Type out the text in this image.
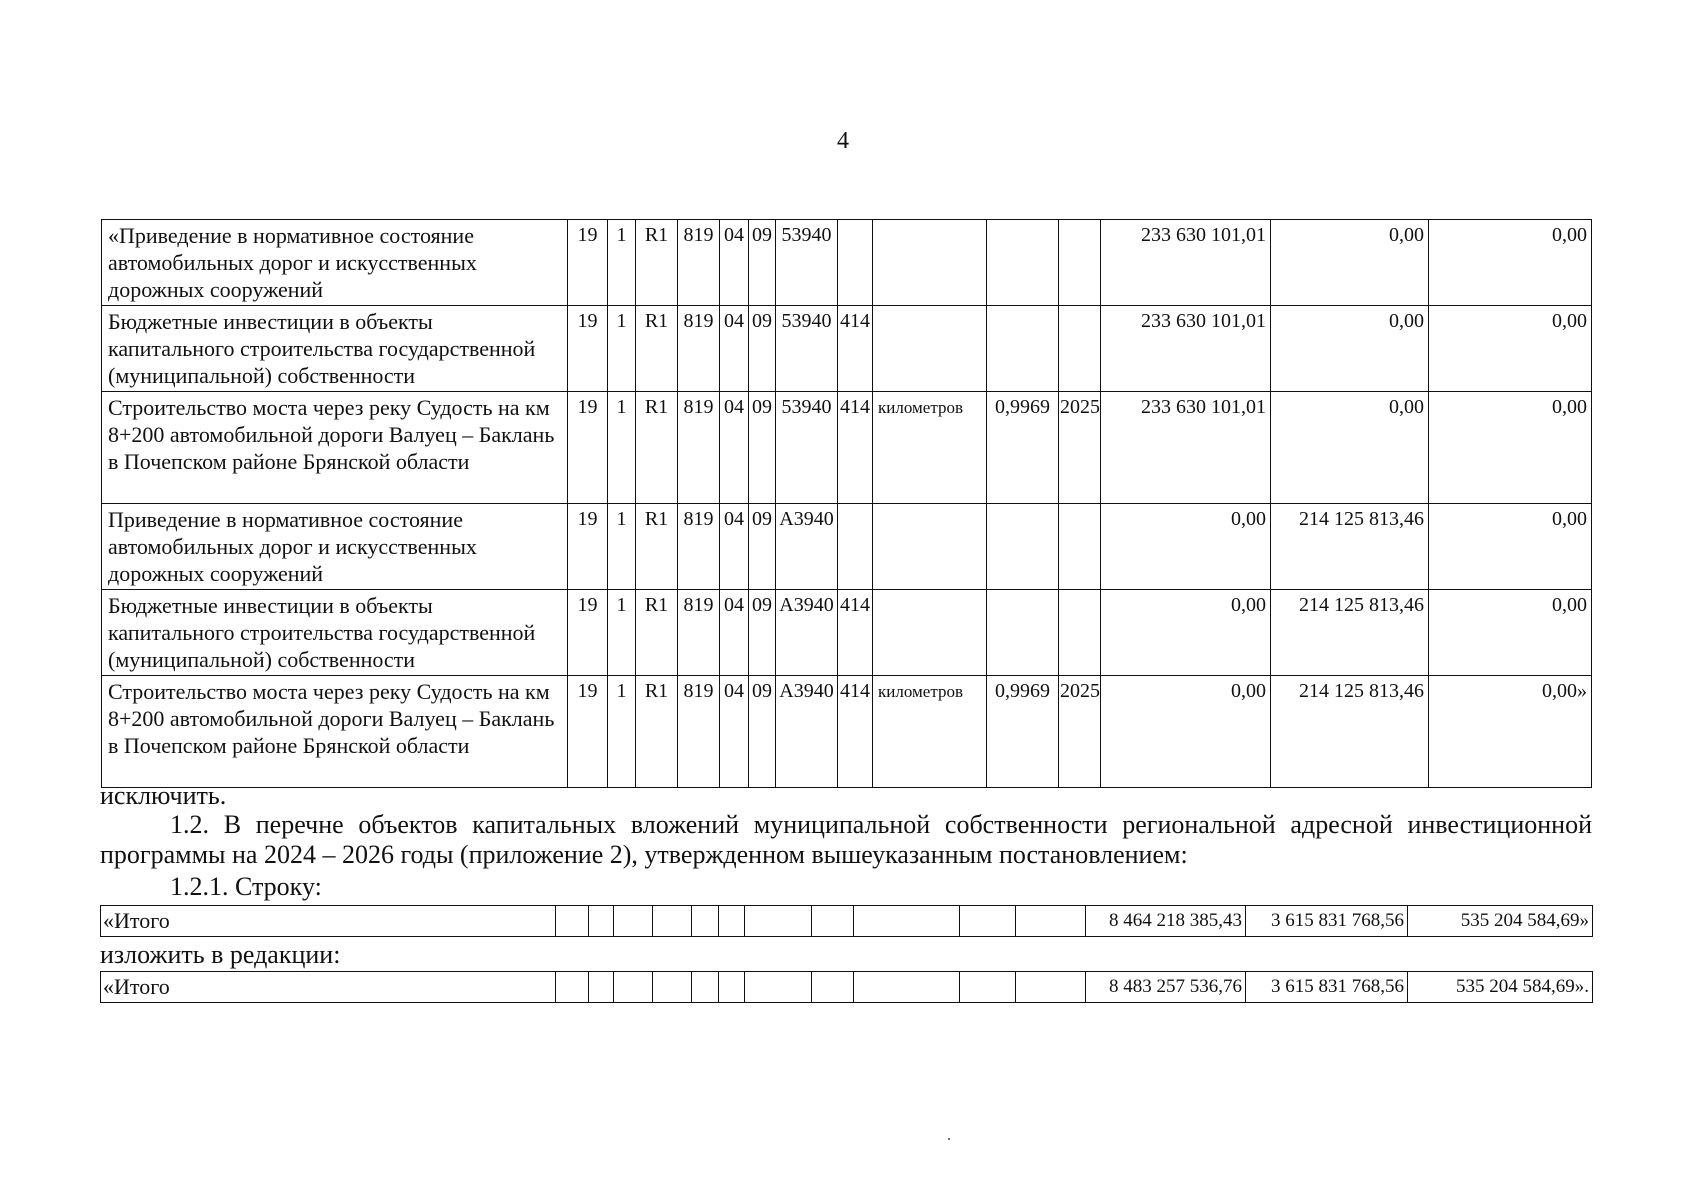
4
«Приведение в нормативное состояние автомобильных дорог и искусственных дорожных сооружений	19	1	R1	819	04	09	53940					233 630 101,01	0,00	0,00
Бюджетные инвестиции в объекты капитального строительства государственной (муниципальной) собственности	19	1	R1	819	04	09	53940	414				233 630 101,01	0,00	0,00
Строительство моста через реку Судость на км 8+200 автомобильной дороги Валуец – Баклань в Почепском районе Брянской области	19	1	R1	819	04	09	53940	414	километров	0,9969	2025	233 630 101,01	0,00	0,00
Приведение в нормативное состояние автомобильных дорог и искусственных дорожных сооружений	19	1	R1	819	04	09	А3940					0,00	214 125 813,46	0,00
Бюджетные инвестиции в объекты капитального строительства государственной (муниципальной) собственности	19	1	R1	819	04	09	А3940	414				0,00	214 125 813,46	0,00
Строительство моста через реку Судость на км 8+200 автомобильной дороги Валуец – Баклань в Почепском районе Брянской области	19	1	R1	819	04	09	А3940	414	километров	0,9969	2025	0,00	214 125 813,46	0,00»
исключить.
1.2. В перечне объектов капитальных вложений муниципальной собственности региональной адресной инвестиционной программы на 2024 – 2026 годы (приложение 2), утвержденном вышеуказанным постановлением:
1.2.1. Строку:
«Итого												8 464 218 385,43	3 615 831 768,56	535 204 584,69»
изложить в редакции:
«Итого												8 483 257 536,76	3 615 831 768,56	535 204 584,69».
